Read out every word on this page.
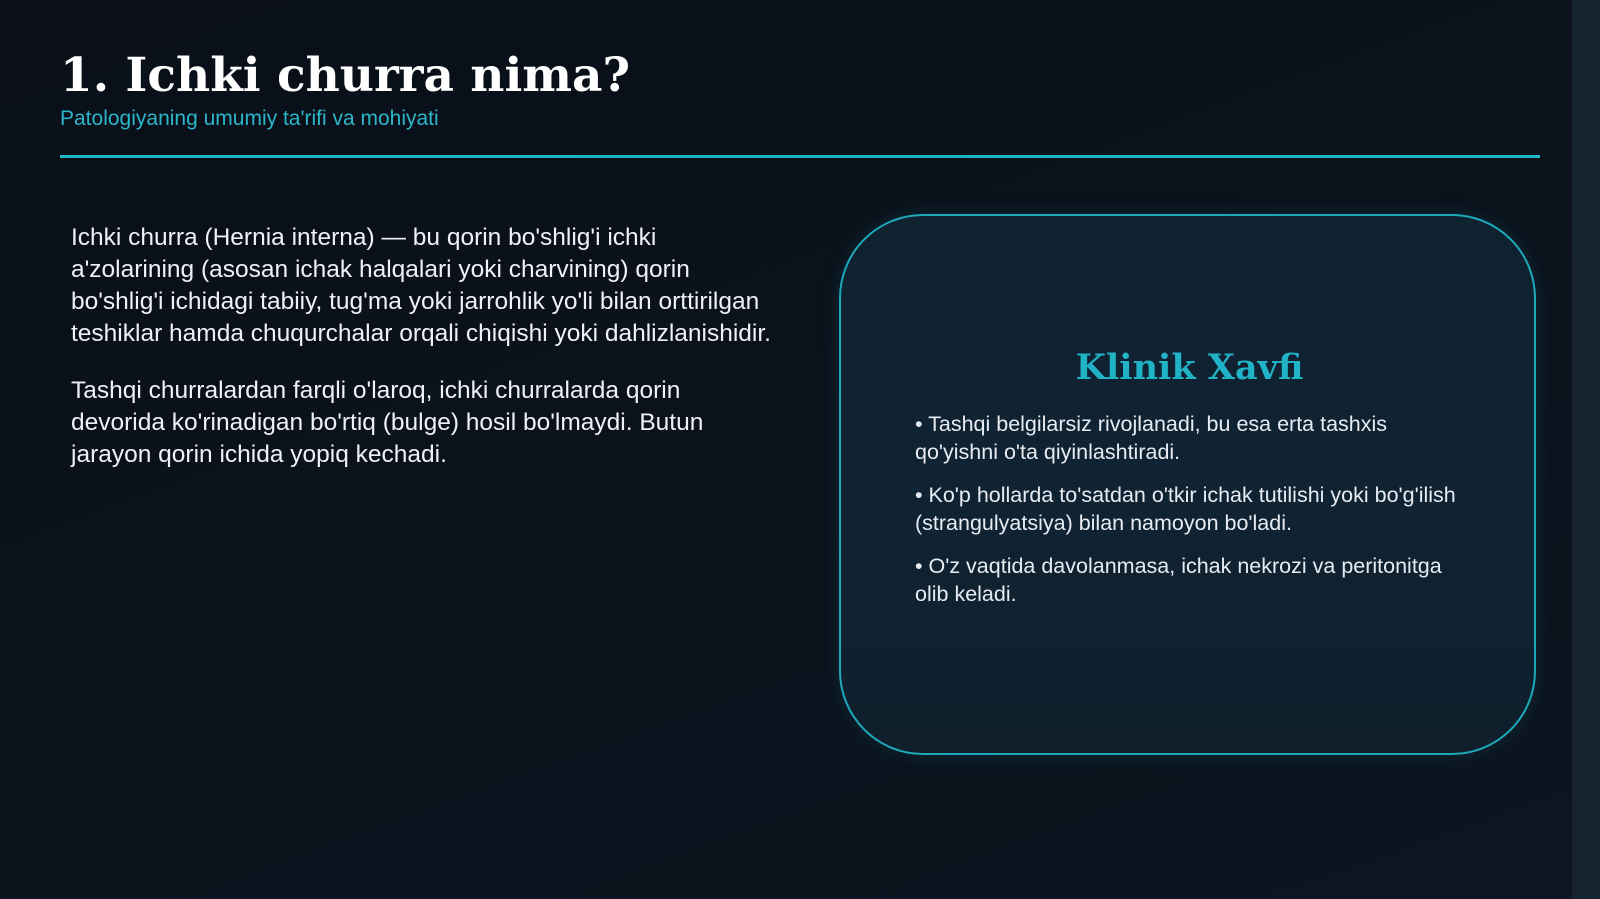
1. Ichki churra nima?
Patologiyaning umumiy ta'rifi va mohiyati

Ichki churra (Hernia interna) — bu qorin bo'shlig'i ichki a'zolarining (asosan ichak halqalari yoki charvining) qorin bo'shlig'i ichidagi tabiiy, tug'ma yoki jarrohlik yo'li bilan orttirilgan teshiklar hamda chuqurchalar orqali chiqishi yoki dahlizlanishidir.

Tashqi churralardan farqli o'laroq, ichki churralarda qorin devorida ko'rinadigan bo'rtiq (bulge) hosil bo'lmaydi. Butun jarayon qorin ichida yopiq kechadi.

Klinik Xavfi
• Tashqi belgilarsiz rivojlanadi, bu esa erta tashxis qo'yishni o'ta qiyinlashtiradi.
• Ko'p hollarda to'satdan o'tkir ichak tutilishi yoki bo'g'ilish (strangulyatsiya) bilan namoyon bo'ladi.
• O'z vaqtida davolanmasa, ichak nekrozi va peritonitga olib keladi.
